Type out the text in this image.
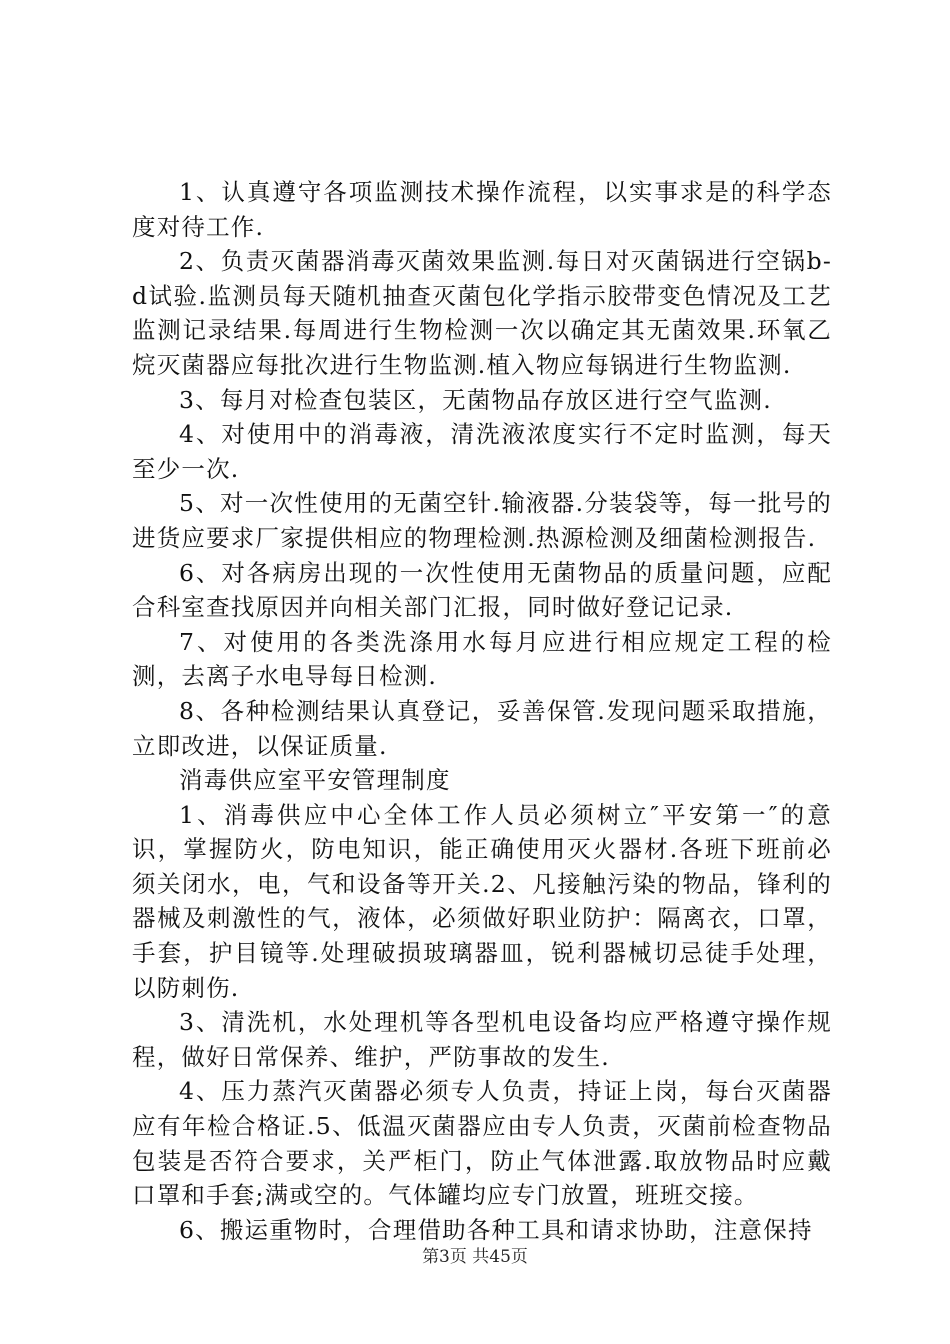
1、认真遵守各项监测技术操作流程，以实事求是的科学态度对待工作.

2、负责灭菌器消毒灭菌效果监测.每日对灭菌锅进行空锅b-d试验.监测员每天随机抽查灭菌包化学指示胶带变色情况及工艺监测记录结果.每周进行生物检测一次以确定其无菌效果.环氧乙烷灭菌器应每批次进行生物监测.植入物应每锅进行生物监测.

3、每月对检查包装区，无菌物品存放区进行空气监测.

4、对使用中的消毒液，清洗液浓度实行不定时监测，每天至少一次.

5、对一次性使用的无菌空针.输液器.分装袋等，每一批号的进货应要求厂家提供相应的物理检测.热源检测及细菌检测报告.

6、对各病房出现的一次性使用无菌物品的质量问题，应配合科室查找原因并向相关部门汇报，同时做好登记记录.

7、对使用的各类洗涤用水每月应进行相应规定工程的检测，去离子水电导每日检测.

8、各种检测结果认真登记，妥善保管.发现问题采取措施，立即改进，以保证质量.

消毒供应室平安管理制度

1、消毒供应中心全体工作人员必须树立″平安第一″的意识，掌握防火，防电知识，能正确使用灭火器材.各班下班前必须关闭水，电，气和设备等开关.2、凡接触污染的物品，锋利的器械及刺激性的气，液体，必须做好职业防护：隔离衣，口罩，手套，护目镜等.处理破损玻璃器皿，锐利器械切忌徒手处理，以防刺伤.

3、清洗机，水处理机等各型机电设备均应严格遵守操作规程，做好日常保养、维护，严防事故的发生.

4、压力蒸汽灭菌器必须专人负责，持证上岗，每台灭菌器应有年检合格证.5、低温灭菌器应由专人负责，灭菌前检查物品包装是否符合要求，关严柜门，防止气体泄露.取放物品时应戴口罩和手套;满或空的。气体罐均应专门放置，班班交接。

6、搬运重物时，合理借助各种工具和请求协助，注意保持

第3页 共45页
